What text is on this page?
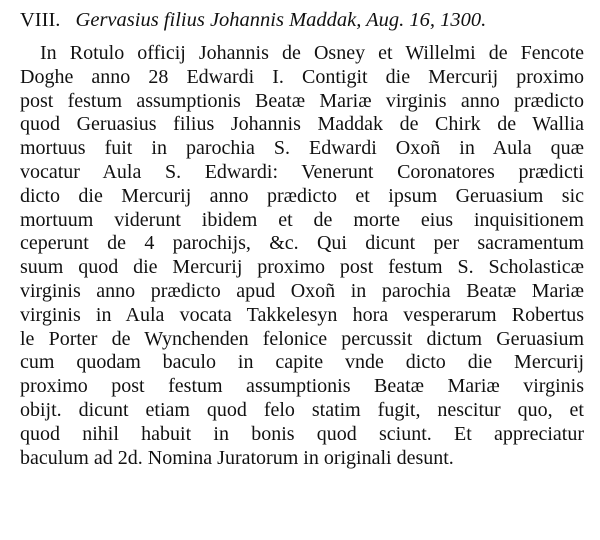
VIII. Gervasius filius Johannis Maddak, Aug. 16, 1300.
In Rotulo officij Johannis de Osney et Willelmi de Fencote
Doghe anno 28 Edwardi I. Contigit die Mercurij proximo
post festum assumptionis Beatæ Mariæ virginis anno prædicto
quod Geruasius filius Johannis Maddak de Chirk de Wallia
mortuus fuit in parochia S. Edwardi Oxoñ in Aula quæ
vocatur Aula S. Edwardi: Venerunt Coronatores prædicti
dicto die Mercurij anno prædicto et ipsum Geruasium sic
mortuum viderunt ibidem et de morte eius inquisitionem
ceperunt de 4 parochijs, &c. Qui dicunt per sacramentum
suum quod die Mercurij proximo post festum S. Scholasticæ
virginis anno prædicto apud Oxoñ in parochia Beatæ Mariæ
virginis in Aula vocata Takkelesyn hora vesperarum Robertus
le Porter de Wynchenden felonice percussit dictum Geruasium
cum quodam baculo in capite vnde dicto die Mercurij
proximo post festum assumptionis Beatæ Mariæ virginis
obijt. dicunt etiam quod felo statim fugit, nescitur quo, et
quod nihil habuit in bonis quod sciunt. Et appreciatur
baculum ad 2d. Nomina Juratorum in originali desunt.
